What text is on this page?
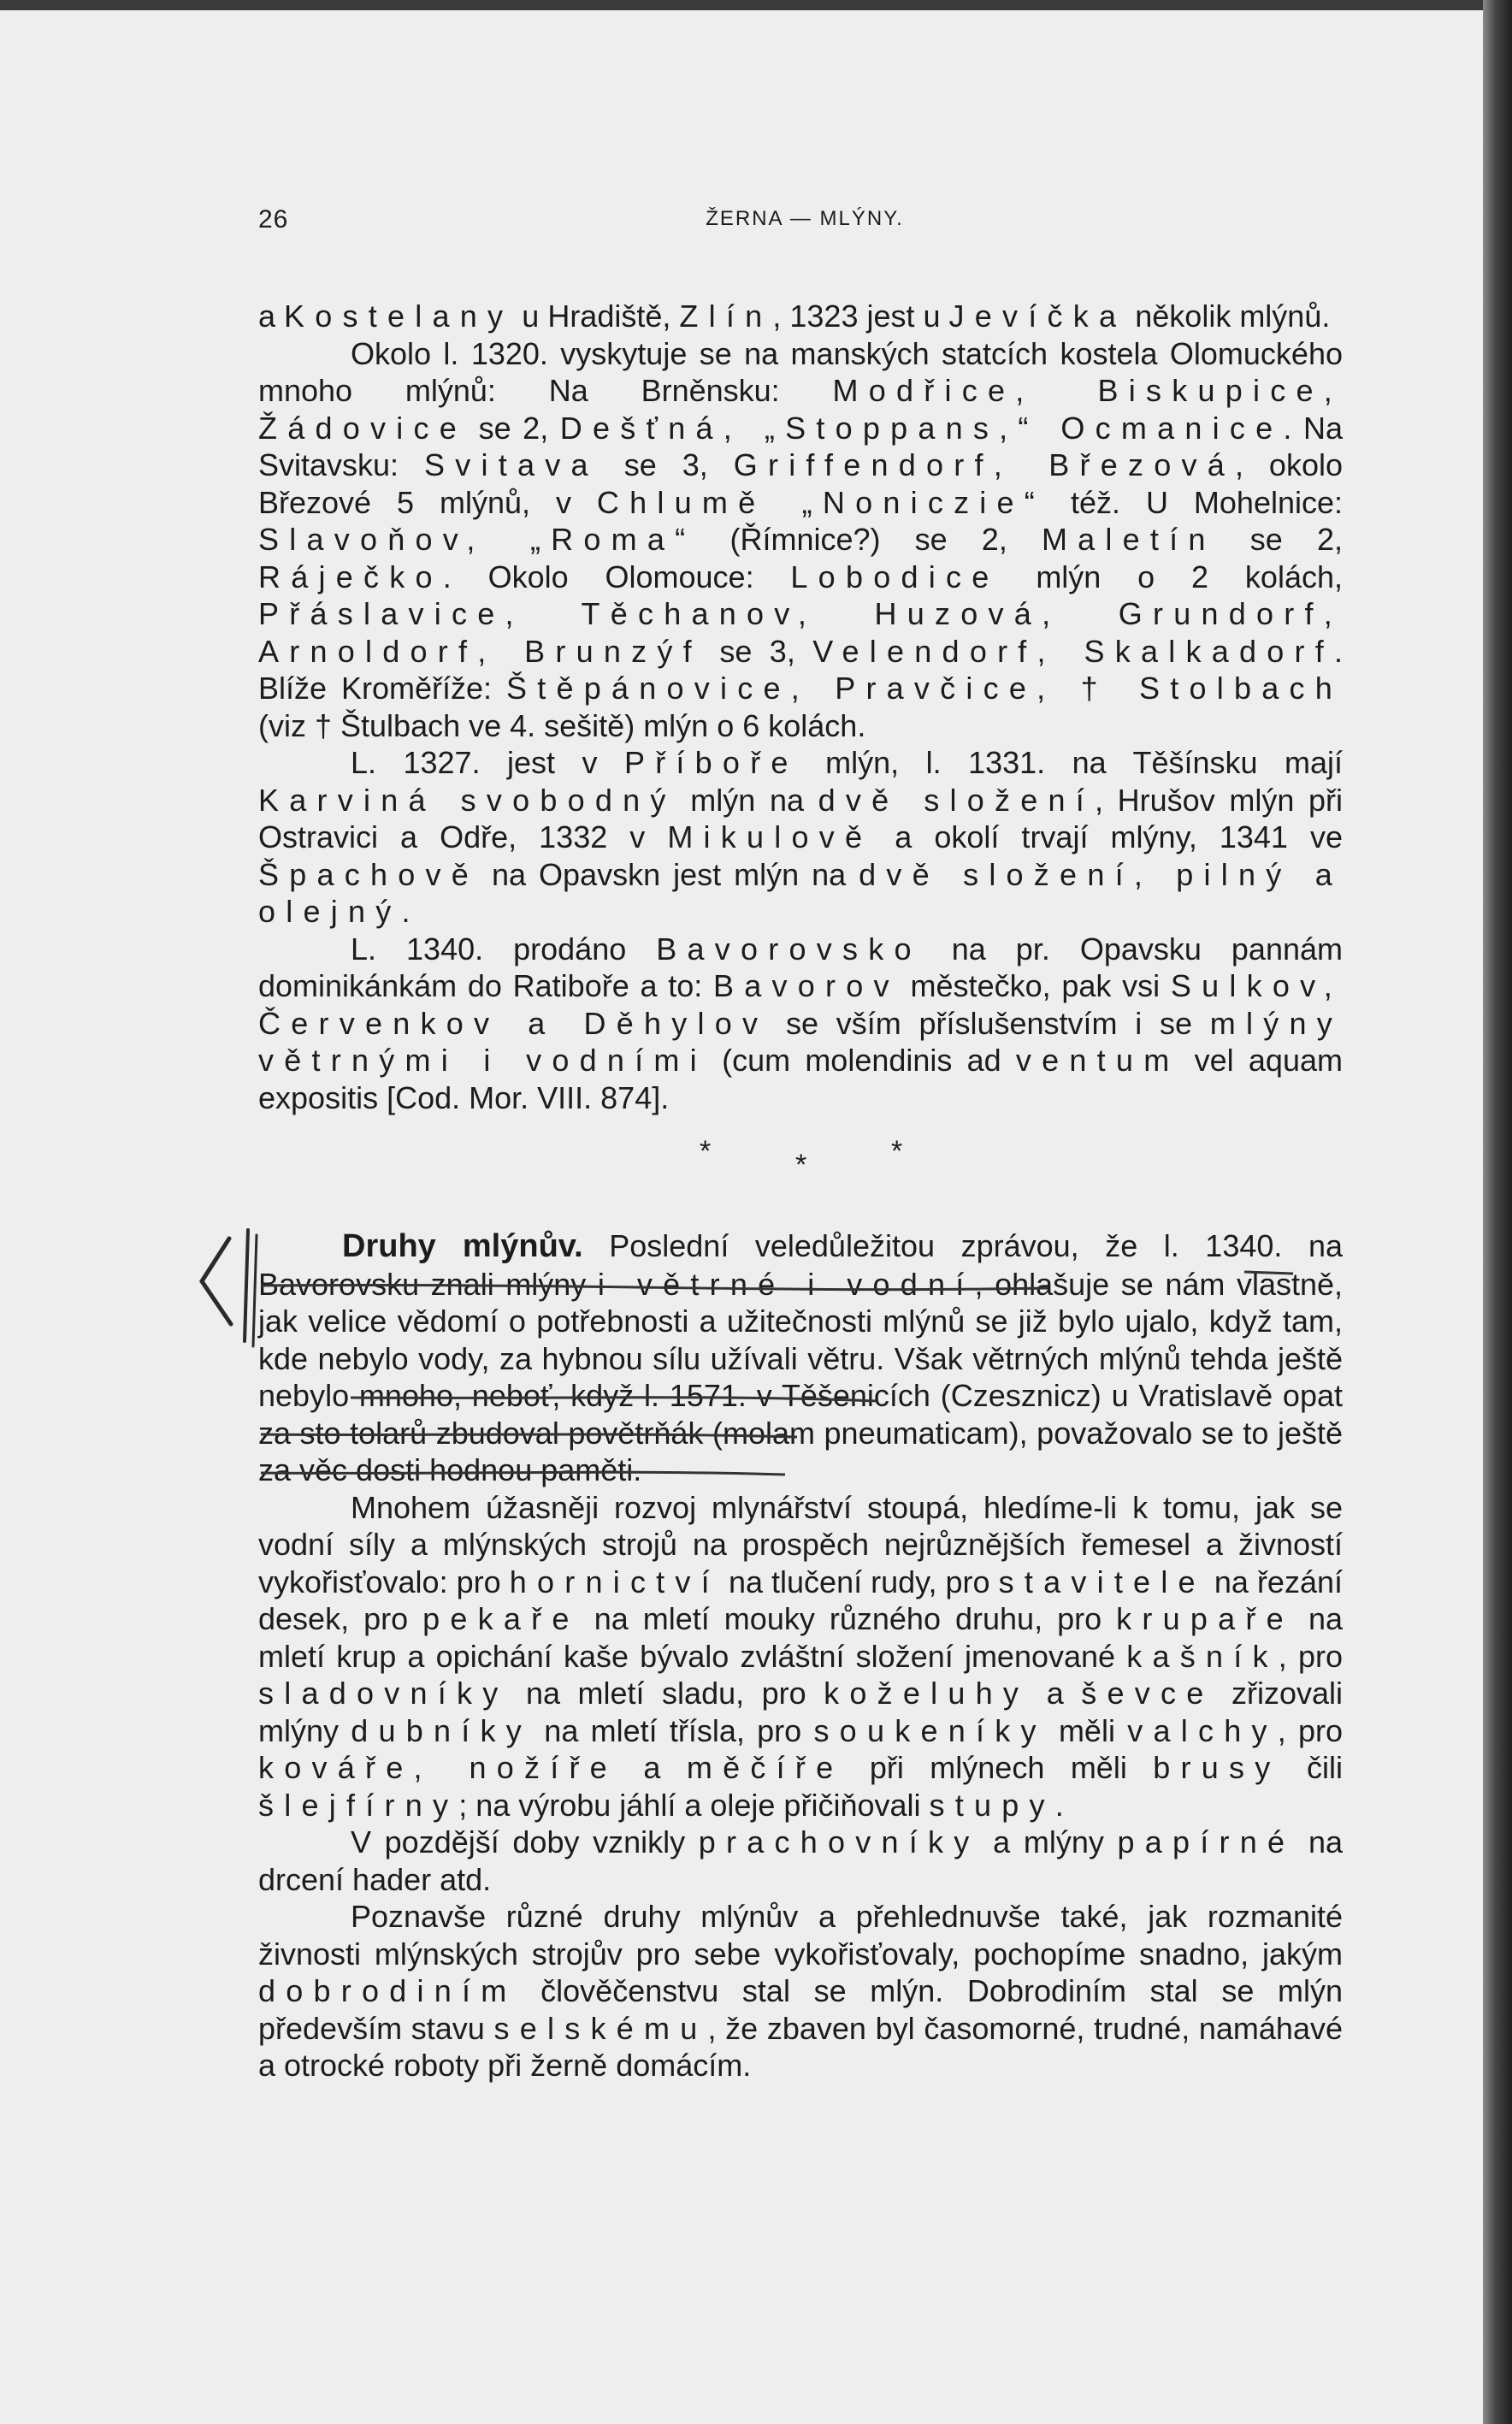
26	ŽERNA — MLÝNY.

a Kostelany u Hradiště, Zlín, 1323 jest u Jevíčka několik mlýnů.

Okolo l. 1320. vyskytuje se na manských statcích kostela Olomuckého mnoho mlýnů: Na Brněnsku: Modřice, Biskupice, Žádovice se 2, Dešťná, „Stoppans,“ Ocmanice. Na Svitavsku: Svitava se 3, Griffendorf, Březová, okolo Březové 5 mlýnů, v Chlumě „Noniczie“ též. U Mohelnice: Slavoňov, „Roma“ (Římnice?) se 2, Maletín se 2, Ráječko. Okolo Olomouce: Lobodice mlýn o 2 kolách, Přáslavice, Těchanov, Huzová, Grundorf, Arnoldorf, Brunzýf se 3, Velendorf, Skalkadorf. Blíže Kroměříže: Štěpánovice, Pravčice, † Stolbach (viz † Štulbach ve 4. sešitě) mlýn o 6 kolách.

L. 1327. jest v Příboře mlýn, l. 1331. na Těšínsku mají Karviná svobodný mlýn na dvě složení, Hrušov mlýn při Ostravici a Odře, 1332 v Mikulově a okolí trvají mlýny, 1341 ve Špachově na Opavskn jest mlýn na dvě složení, pilný a olejný.

L. 1340. prodáno Bavorovsko na pr. Opavsku pannám dominikánkám do Ratiboře a to: Bavorov městečko, pak vsi Sulkov, Červenkov a Děhylov se vším příslušenstvím i se mlýny větrnými i vodními (cum molendinis ad ventum vel aquam expositis [Cod. Mor. VIII. 874].

*	*	*

Druhy mlýnův. Poslední veledůležitou zprávou, že l. 1340. na Bavorovsku znali mlýny i větrné i vodní, ohlašuje se nám vlastně, jak velice vědomí o potřebnosti a užitečnosti mlýnů se již bylo ujalo, když tam, kde nebylo vody, za hybnou sílu užívali větru. Však větrných mlýnů tehda ještě nebylo mnoho, neboť, když l. 1571. v Těšenicích (Czesznicz) u Vratislavě opat za sto tolarů zbudoval povětrňák (molam pneumaticam), považovalo se to ještě za věc dosti hodnou paměti.

Mnohem úžasněji rozvoj mlynářství stoupá, hledíme-li k tomu, jak se vodní síly a mlýnských strojů na prospěch nejrůznějších řemesel a živností vykořisťovalo: pro hornictví na tlučení rudy, pro stavitele na řezání desek, pro pekaře na mletí mouky různého druhu, pro krupaře na mletí krup a opichání kaše bývalo zvláštní složení jmenované kašník, pro sladovníky na mletí sladu, pro koželuhy a ševce zřizovali mlýny dubníky na mletí třísla, pro soukeníky měli valchy, pro kováře, nožíře a měčíře při mlýnech měli brusy čili šlejfírny; na výrobu jáhlí a oleje přičiňovali stupy.

V pozdější doby vznikly prachovníky a mlýny papírné na drcení hader atd.

Poznavše různé druhy mlýnův a přehlednuvše také, jak rozmanité živnosti mlýnských strojův pro sebe vykořisťovaly, pochopíme snadno, jakým dobrodiním člověčenstvu stal se mlýn. Dobrodiním stal se mlýn především stavu selskému, že zbaven byl časomorné, trudné, namáhavé a otrocké roboty při žerně domácím.
